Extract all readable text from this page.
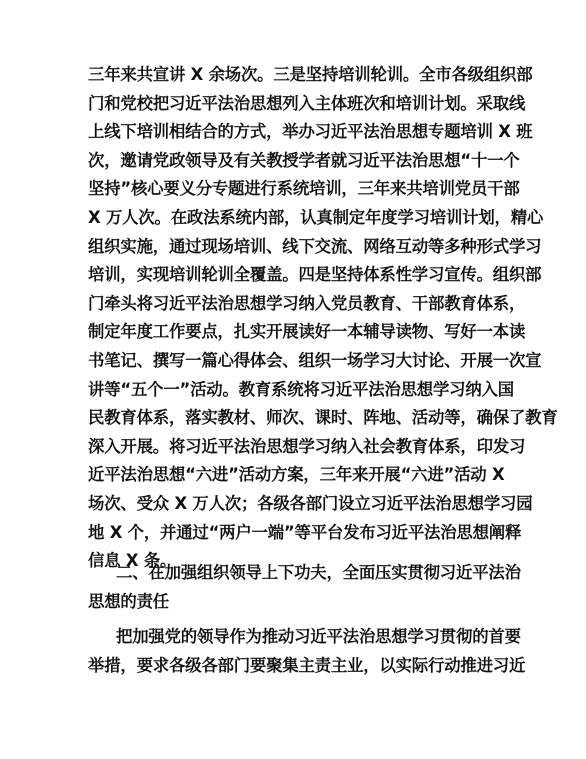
三年来共宣讲 X 余场次。三是坚持培训轮训。全市各级组织部
门和党校把习近平法治思想列入主体班次和培训计划。采取线
上线下培训相结合的方式，举办习近平法治思想专题培训 X 班
次，邀请党政领导及有关教授学者就习近平法治思想“十一个
坚持”核心要义分专题进行系统培训，三年来共培训党员干部
X 万人次。在政法系统内部，认真制定年度学习培训计划，精心
组织实施，通过现场培训、线下交流、网络互动等多种形式学习
培训，实现培训轮训全覆盖。四是坚持体系性学习宣传。组织部
门牵头将习近平法治思想学习纳入党员教育、干部教育体系，
制定年度工作要点，扎实开展读好一本辅导读物、写好一本读
书笔记、撰写一篇心得体会、组织一场学习大讨论、开展一次宣
讲等“五个一”活动。教育系统将习近平法治思想学习纳入国
民教育体系，落实教材、师次、课时、阵地、活动等，确保了教育
深入开展。将习近平法治思想学习纳入社会教育体系，印发习
近平法治思想“六进”活动方案，三年来开展“六进”活动 X
场次、受众 X 万人次；各级各部门设立习近平法治思想学习园
地 X 个，并通过“两户一端”等平台发布习近平法治思想阐释
信息 X 条。
二、在加强组织领导上下功夫，全面压实贯彻习近平法治
思想的责任
把加强党的领导作为推动习近平法治思想学习贯彻的首要
举措，要求各级各部门要聚集主责主业，以实际行动推进习近
